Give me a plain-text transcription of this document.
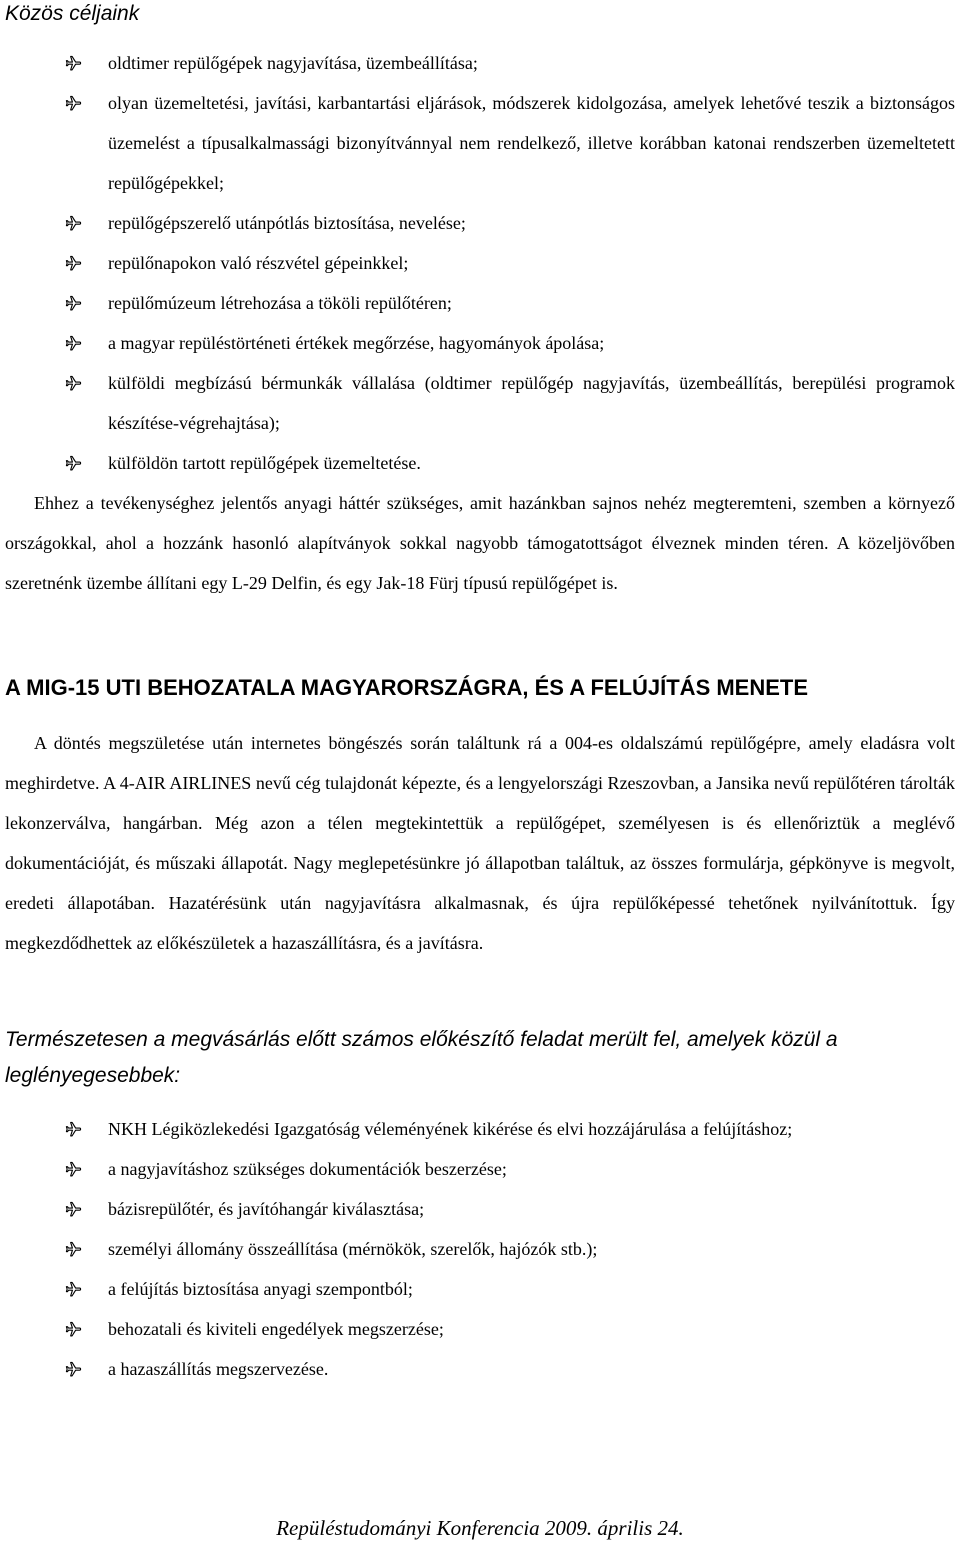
Közös céljaink
oldtimer repülőgépek nagyjavítása, üzembeállítása;
olyan üzemeltetési, javítási, karbantartási eljárások, módszerek kidolgozása, amelyek lehetővé teszik a biztonságos üzemelést a típusalkalmassági bizonyítvánnyal nem rendelkező, illetve korábban katonai rendszerben üzemeltetett repülőgépekkel;
repülőgépszerelő utánpótlás biztosítása, nevelése;
repülőnapokon való részvétel gépeinkkel;
repülőmúzeum létrehozása a tököli repülőtéren;
a magyar repüléstörténeti értékek megőrzése, hagyományok ápolása;
külföldi megbízású bérmunkák vállalása (oldtimer repülőgép nagyjavítás, üzembeállítás, berepülési programok készítése-végrehajtása);
külföldön tartott repülőgépek üzemeltetése.

Ehhez a tevékenységhez jelentős anyagi háttér szükséges, amit hazánkban sajnos nehéz megteremteni, szemben a környező országokkal, ahol a hozzánk hasonló alapítványok sokkal nagyobb támogatottságot élveznek minden téren. A közeljövőben szeretnénk üzembe állítani egy L-29 Delfin, és egy Jak-18 Fürj típusú repülőgépet is.

A MIG-15 UTI BEHOZATALA MAGYARORSZÁGRA, ÉS A FELÚJÍTÁS MENETE

A döntés megszületése után internetes böngészés során találtunk rá a 004-es oldalszámú repülőgépre, amely eladásra volt meghirdetve. A 4-AIR AIRLINES nevű cég tulajdonát képezte, és a lengyelországi Rzeszovban, a Jansika nevű repülőtéren tárolták lekonzerválva, hangárban. Még azon a télen megtekintettük a repülőgépet, személyesen is és ellenőriztük a meglévő dokumentációját, és műszaki állapotát. Nagy meglepetésünkre jó állapotban találtuk, az összes formulárja, gépkönyve is megvolt, eredeti állapotában. Hazatérésünk után nagyjavításra alkalmasnak, és újra repülőképessé tehetőnek nyilvánítottuk. Így megkezdődhettek az előkészületek a hazaszállításra, és a javításra.

Természetesen a megvásárlás előtt számos előkészítő feladat merült fel, amelyek közül a leglényegesebbek:
NKH Légiközlekedési Igazgatóság véleményének kikérése és elvi hozzájárulása a felújításhoz;
a nagyjavításhoz szükséges dokumentációk beszerzése;
bázisrepülőtér, és javítóhangár kiválasztása;
személyi állomány összeállítása (mérnökök, szerelők, hajózók stb.);
a felújítás biztosítása anyagi szempontból;
behozatali és kiviteli engedélyek megszerzése;
a hazaszállítás megszervezése.

Repüléstudományi Konferencia 2009. április 24.
